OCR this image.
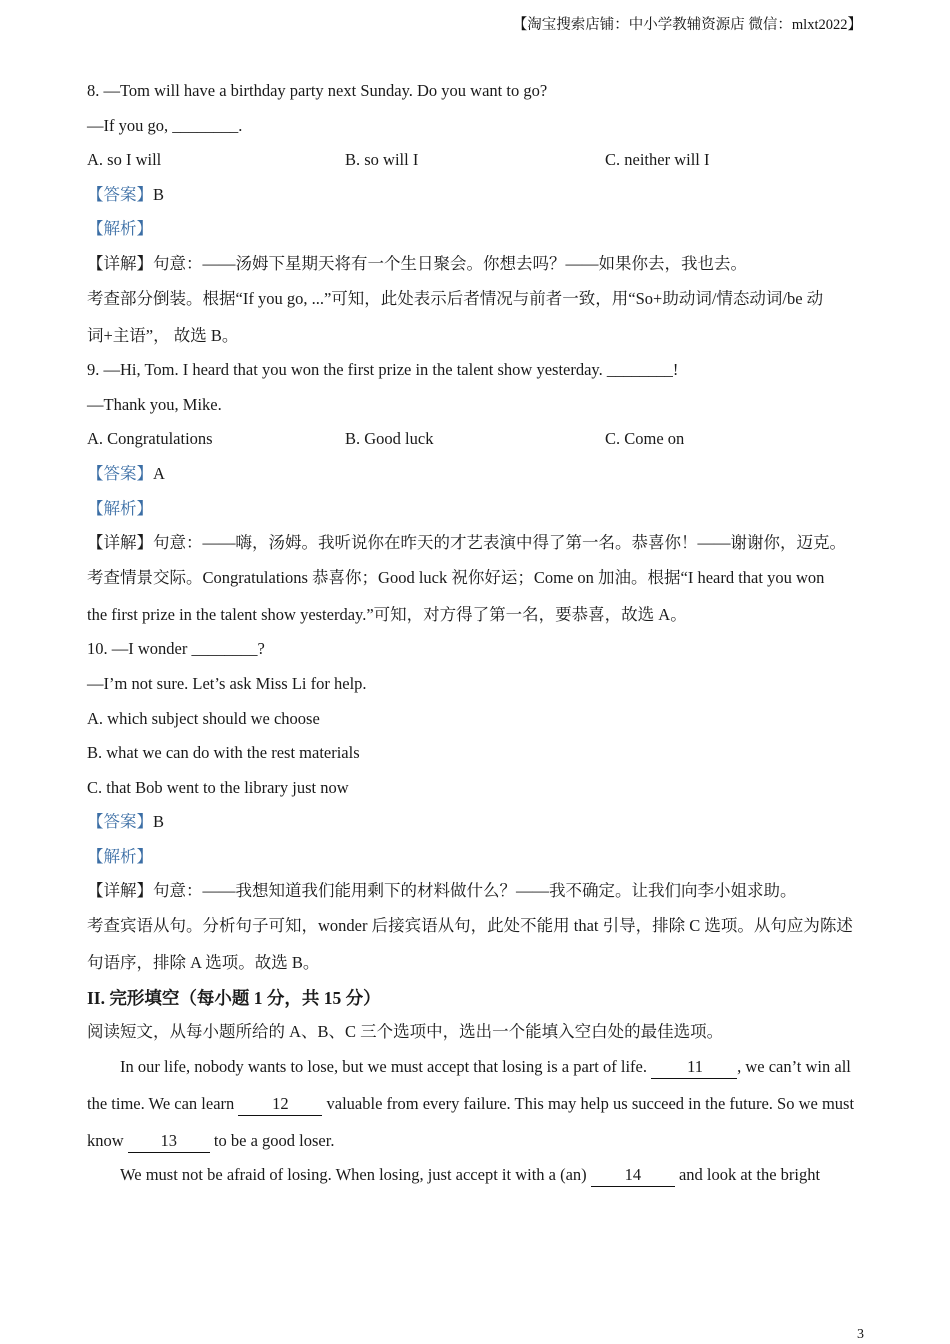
【淘宝搜索店铺：中小学教辅资源店 微信：mlxt2022】
8. —Tom will have a birthday party next Sunday. Do you want to go?
—If you go, ________.
A. so I will	B. so will I	C. neither will I
【答案】B
【解析】
【详解】句意：——汤姆下星期天将有一个生日聚会。你想去吗？——如果你去，我也去。
考查部分倒装。根据“If you go, ...”可知，此处表示后者情况与前者一致，用“So+助动词/情态动词/be 动
词+主语”， 故选 B。
9. —Hi, Tom. I heard that you won the first prize in the talent show yesterday. ________!
—Thank you, Mike.
A. Congratulations	B. Good luck	C. Come on
【答案】A
【解析】
【详解】句意：——嗨，汤姆。我听说你在昨天的才艺表演中得了第一名。恭喜你！——谢谢你，迈克。
考查情景交际。Congratulations 恭喜你；Good luck 祝你好运；Come on 加油。根据“I heard that you won
the first prize in the talent show yesterday.”可知，对方得了第一名，要恭喜，故选 A。
10. —I wonder ________?
—I’m not sure. Let’s ask Miss Li for help.
A. which subject should we choose
B. what we can do with the rest materials
C. that Bob went to the library just now
【答案】B
【解析】
【详解】句意：——我想知道我们能用剩下的材料做什么？——我不确定。让我们向李小姐求助。
考查宾语从句。分析句子可知，wonder 后接宾语从句，此处不能用 that 引导，排除 C 选项。从句应为陈述
句语序，排除 A 选项。故选 B。
II. 完形填空（每小题 1 分，共 15 分）
阅读短文，从每小题所给的 A、B、C 三个选项中，选出一个能填入空白处的最佳选项。
In our life, nobody wants to lose, but we must accept that losing is a part of life. 11 , we can’t win all
the time. We can learn 12 valuable from every failure. This may help us succeed in the future. So we must
know 13 to be a good loser.
We must not be afraid of losing. When losing, just accept it with a (an) 14 and look at the bright
3
